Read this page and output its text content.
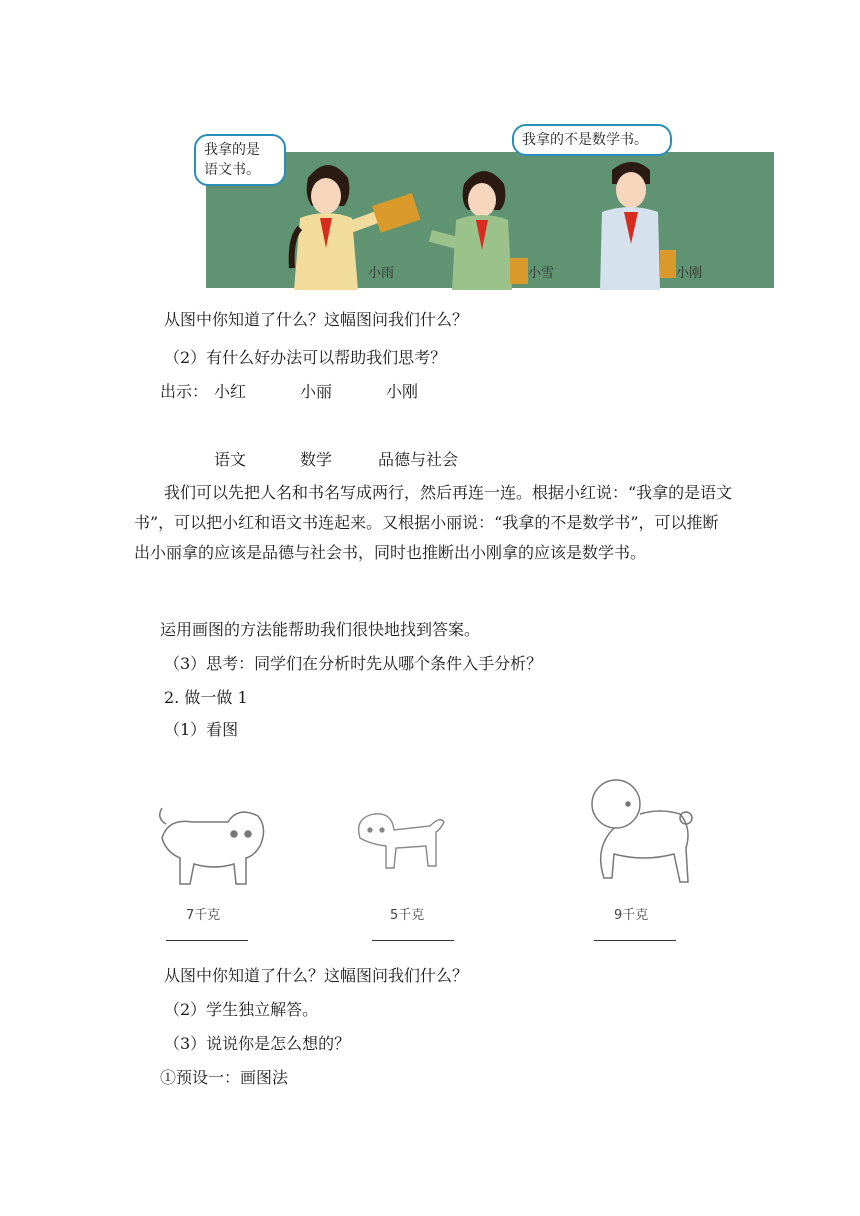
我拿的是
语文书。
我拿的不是数学书。
小雨	小雪	小刚
从图中你知道了什么？这幅图问我们什么？
（2）有什么好办法可以帮助我们思考？
出示： 小红	小丽	小刚
语文	数学	品德与社会
我们可以先把人名和书名写成两行，然后再连一连。根据小红说：“我拿的是语文书”，可以把小红和语文书连起来。又根据小丽说：“我拿的不是数学书”，可以推断出小丽拿的应该是品德与社会书，同时也推断出小刚拿的应该是数学书。
运用画图的方法能帮助我们很快地找到答案。
（3）思考：同学们在分析时先从哪个条件入手分析？
2. 做一做 1
（1）看图
7千克	5千克	9千克
从图中你知道了什么？这幅图问我们什么？
（2）学生独立解答。
（3）说说你是怎么想的？
①预设一：画图法
